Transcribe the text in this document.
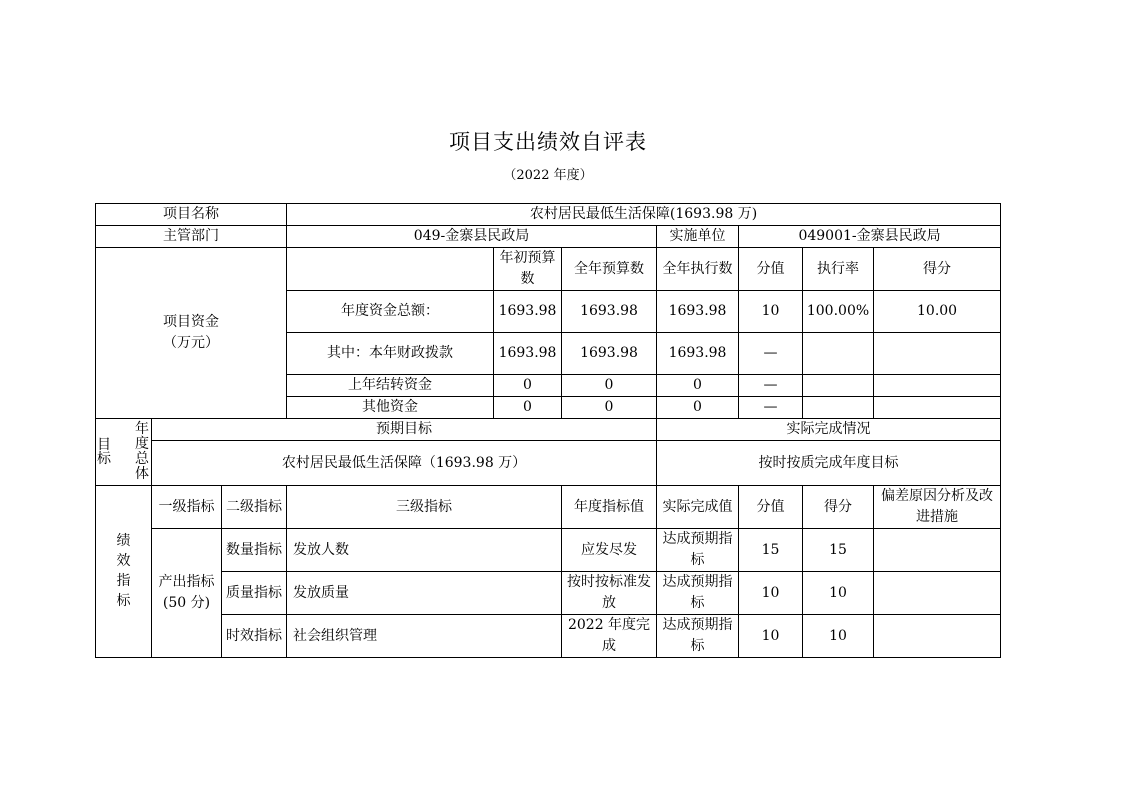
项目支出绩效自评表
（2022 年度）
项目名称			农村居民最低生活保障(1693.98 万)						
主管部门			049-金寨县民政局			实施单位	049001-金寨县民政局		
项目资金
（万元）				年初预算数	全年预算数	全年执行数	分值	执行率	得分
			年度资金总额：	1693.98	1693.98	1693.98	10	100.00%	10.00
			其中：本年财政拨款	1693.98	1693.98	1693.98	—		
			上年结转资金	0	0	0	—		
			其他资金	0	0	0	—		

目标
年度总体	预期目标					实际完成情况			
	农村居民最低生活保障（1693.98 万）					按时按质完成年度目标			
绩效指标	一级指标	二级指标	三级指标		年度指标值	实际完成值	分值	得分	偏差原因分析及改进措施
	产出指标(50 分)	数量指标	发放人数		应发尽发	达成预期指标	15	15	
		质量指标	发放质量		按时按标准发放	达成预期指标	10	10	
		时效指标	社会组织管理		2022 年度完成	达成预期指标	10	10	
